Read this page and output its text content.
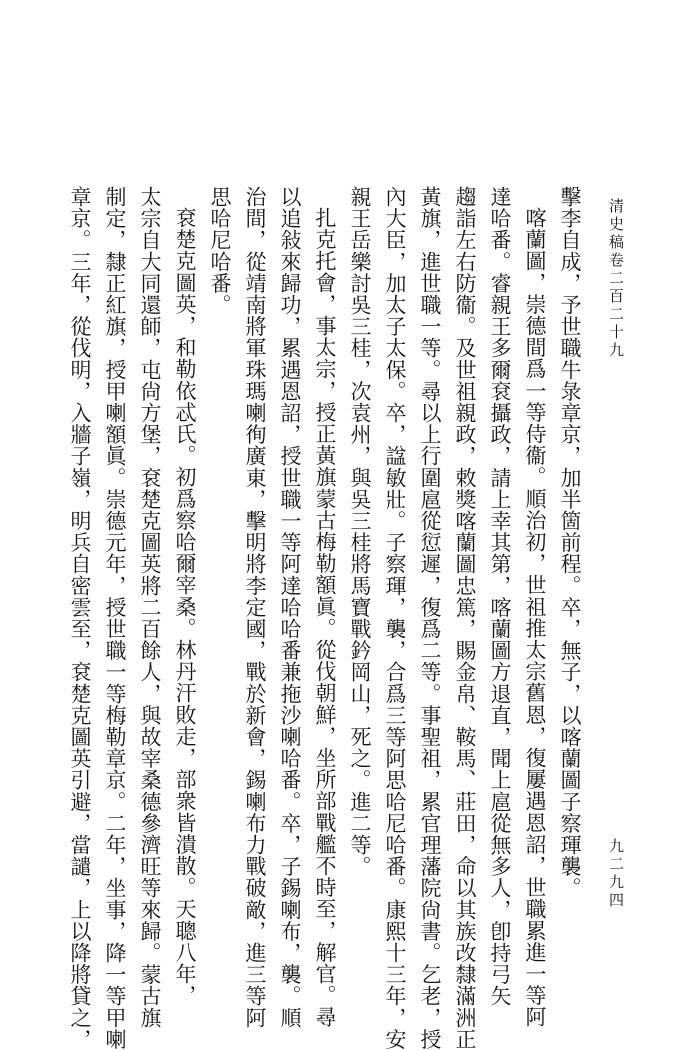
清史稿卷二百二十九
九二九四
擊李自成，予世職牛彔章京，加半箇前程。卒，無子，以喀蘭圖子察琿襲。
喀蘭圖，崇德間爲一等侍衞。順治初，世祖推太宗舊恩，復屢遇恩詔，世職累進一等阿
達哈番。睿親王多爾袞攝政，請上幸其第，喀蘭圖方退直，聞上扈從無多人，卽持弓矢
趨詣左右防衞。及世祖親政，敕獎喀蘭圖忠篤，賜金帛、鞍馬、莊田，命以其族改隸滿洲正
黃旗，進世職一等。尋以上行圍扈從愆遲，復爲二等。事聖祖，累官理藩院尙書。乞老，授
內大臣，加太子太保。卒，諡敏壯。子察琿，襲，合爲三等阿思哈尼哈番。康熙十三年，安
親王岳樂討吳三桂，次袁州，與吳三桂將馬寶戰鈐岡山，死之。進二等。
扎克托會，事太宗，授正黃旗蒙古梅勒額眞。從伐朝鮮，坐所部戰艦不時至，解官。尋
以追敍來歸功，累遇恩詔，授世職一等阿達哈哈番兼拖沙喇哈番。卒，子錫喇布，襲。順
治間，從靖南將軍珠瑪喇徇廣東，擊明將李定國，戰於新會，錫喇布力戰破敵，進三等阿
思哈尼哈番。
袞楚克圖英，和勒依忒氏。初爲察哈爾宰桑。林丹汗敗走，部衆皆潰散。天聰八年，
太宗自大同還師，屯尙方堡，袞楚克圖英將二百餘人，與故宰桑德參濟旺等來歸。蒙古旗
制定，隸正紅旗，授甲喇額眞。崇德元年，授世職一等梅勒章京。二年，坐事，降一等甲喇
章京。三年，從伐明，入牆子嶺，明兵自密雲至，袞楚克圖英引避，當譴，上以降將貸之，
